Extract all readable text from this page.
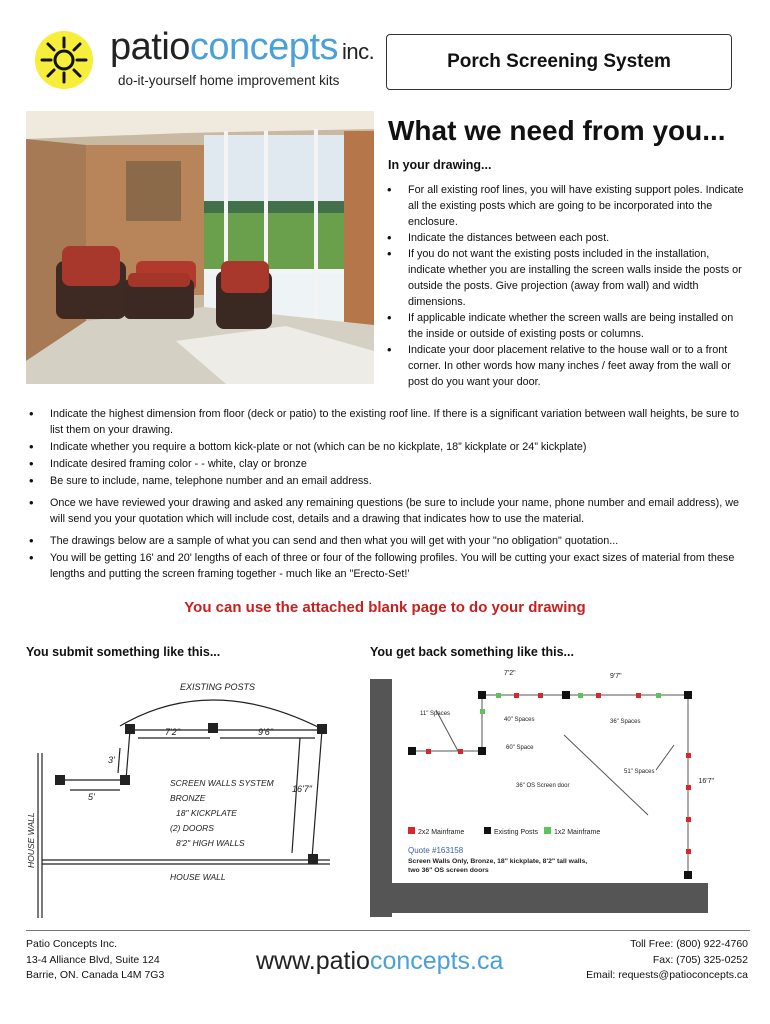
patioconcepts inc.
do-it-yourself home improvement kits
Porch Screening System
What we need from you...
In your drawing...
• For all existing roof lines, you will have existing support poles. Indicate all the existing posts which are going to be incorporated into the enclosure.
• Indicate the distances between each post.
• If you do not want the existing posts included in the installation, indicate whether you are installing the screen walls inside the posts or outside the posts. Give projection (away from wall) and width dimensions.
• If applicable indicate whether the screen walls are being installed on the inside or outside of existing posts or columns.
• Indicate your door placement relative to the house wall or to a front corner. In other words how many inches / feet away from the wall or post do you want your door.
• Indicate the highest dimension from floor (deck or patio) to the existing roof line. If there is a significant variation between wall heights, be sure to list them on your drawing.
• Indicate whether you require a bottom kick-plate or not (which can be no kickplate, 18” kickplate or 24” kickplate)
• Indicate desired framing color - - white, clay or bronze
• Be sure to include, name, telephone number and an email address.
• Once we have reviewed your drawing and asked any remaining questions (be sure to include your name, phone number and email address), we will send you your quotation which will include cost, details and a drawing that indicates how to use the material.
• The drawings below are a sample of what you can send and then what you will get with your "no obligation" quotation...
• You will be getting 16' and 20' lengths of each of three or four of the following profiles. You will be cutting your exact sizes of material from these lengths and putting the screen framing together - much like an "Erecto-Set!'
You can use the attached blank page to do your drawing
You submit something like this...	You get back something like this...
EXISTING POSTS
7'2"	9'6"
3'
5'
16'7"
SCREEN WALLS SYSTEM
BRONZE
18" KICKPLATE
(2) DOORS
8'2" HIGH WALLS
HOUSE WALL
HOUSE WALL
7'2"	9'7"
16'7"
11" Spaces
40" Spaces	36" Spaces
60" Space
51" Spaces
36" OS Screen door
2x2 Mainframe	Existing Posts 1x2 Mainframe
Quote #163158
Screen Walls Only, Bronze, 18" kickplate, 8'2" tall walls,
two 36" OS screen doors
Patio Concepts Inc.
13-4 Alliance Blvd, Suite 124
Barrie, ON. Canada L4M 7G3	www.patioconcepts.ca
Toll Free: (800) 922-4760
Fax: (705) 325-0252
Email: requests@patioconcepts.ca
